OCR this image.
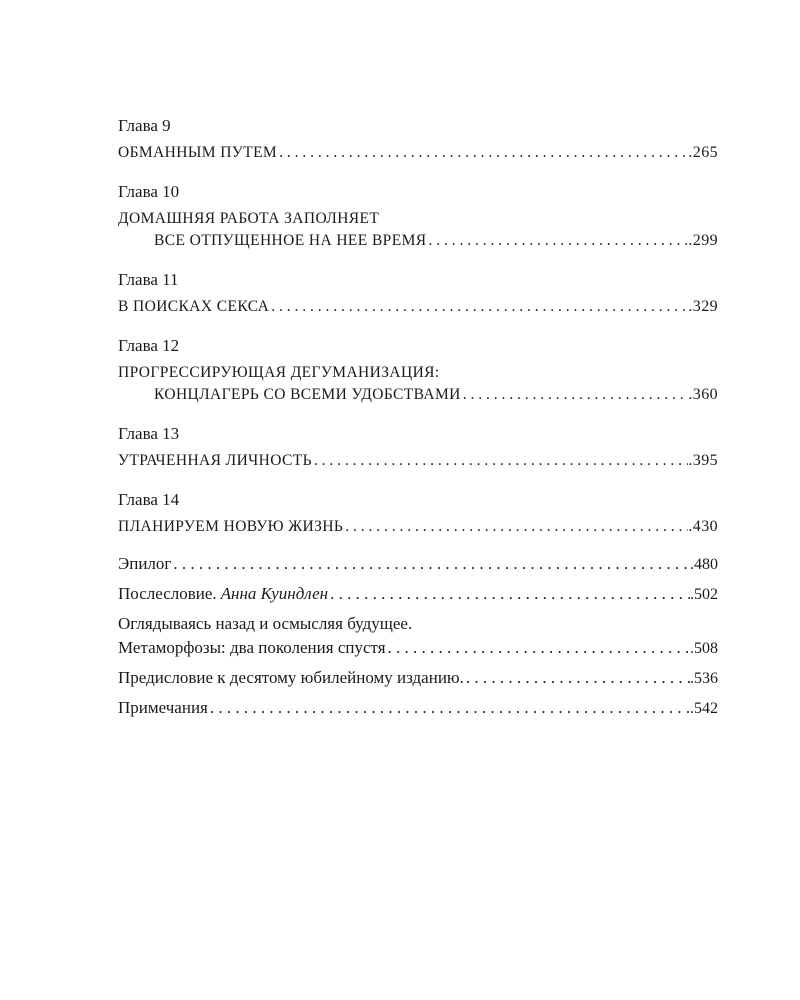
Глава 9
ОБМАННЫМ ПУТЕМ . . .	.265
Глава 10
ДОМАШНЯЯ РАБОТА ЗАПОЛНЯЕТ
ВСЕ ОТПУЩЕННОЕ НА НЕЕ ВРЕМЯ . . .	.299
Глава 11
В ПОИСКАХ СЕКСА . . .	.329
Глава 12
ПРОГРЕССИРУЮЩАЯ ДЕГУМАНИЗАЦИЯ:
КОНЦЛАГЕРЬ СО ВСЕМИ УДОБСТВАМИ . . .	.360
Глава 13
УТРАЧЕННАЯ ЛИЧНОСТЬ . . .	.395
Глава 14
ПЛАНИРУЕМ НОВУЮ ЖИЗНЬ . . .	.430
Эпилог . . .	.480
Послесловие. Анна Куиндлен . . .	.502
Оглядываясь назад и осмысляя будущее.
Метаморфозы: два поколения спустя . . .	.508
Предисловие к десятому юбилейному изданию. . . .	.536
Примечания . . .	.542
